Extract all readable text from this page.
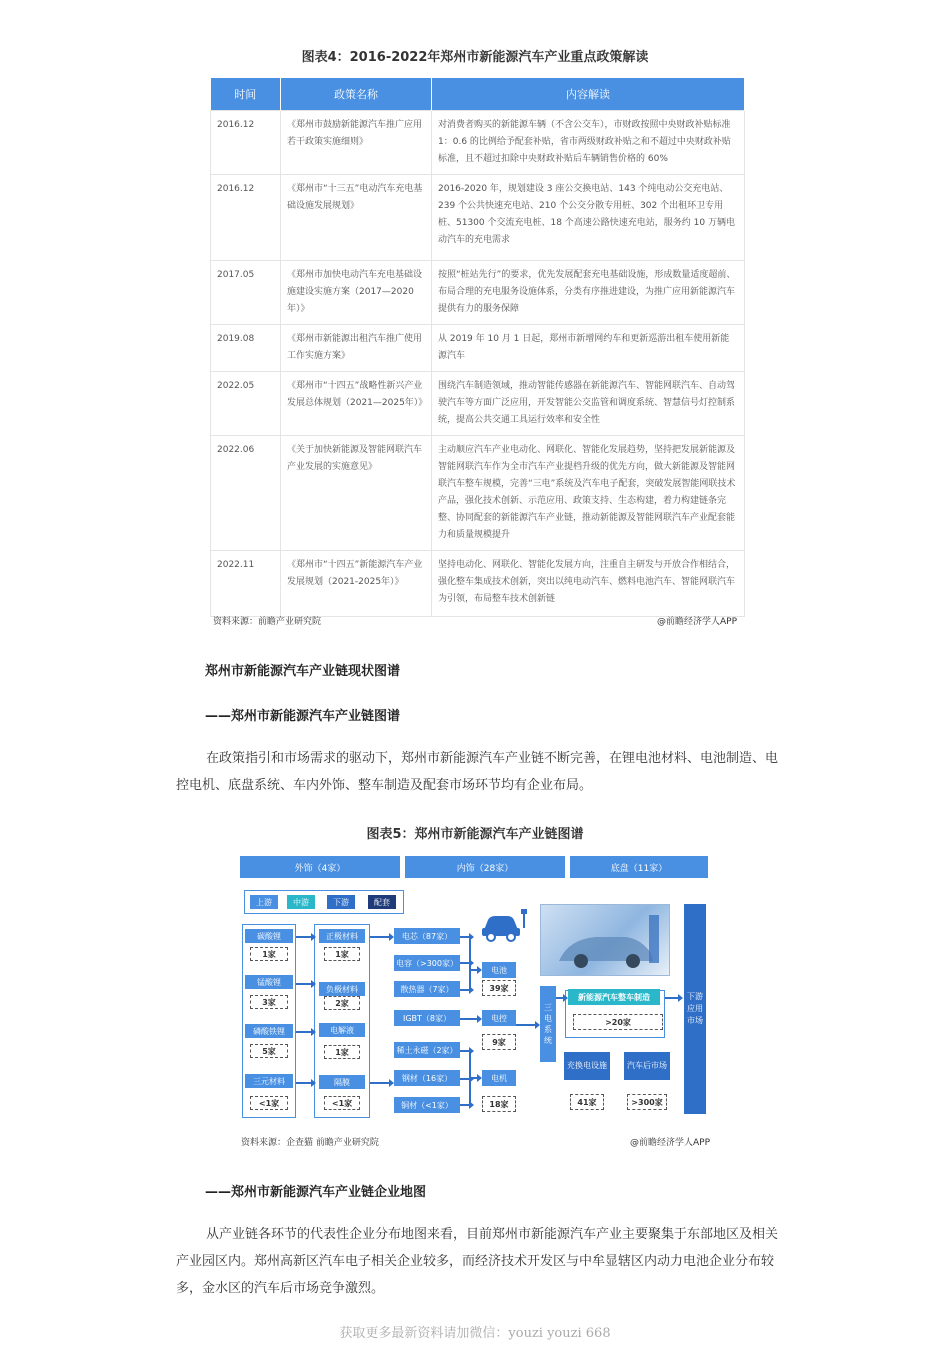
图表4：2016-2022年郑州市新能源汽车产业重点政策解读
时间	政策名称	内容解读
2016.12	《郑州市鼓励新能源汽车推广应用若干政策实施细则》	对消费者购买的新能源车辆（不含公交车），市财政按照中央财政补贴标准 1：0.6 的比例给予配套补贴，省市两级财政补贴之和不超过中央财政补贴标准，且不超过扣除中央财政补贴后车辆销售价格的 60%
2016.12	《郑州市“十三五”电动汽车充电基础设施发展规划》	2016-2020 年，规划建设 3 座公交换电站、143 个纯电动公交充电站、239 个公共快速充电站、210 个公交分散专用桩、302 个出租环卫专用桩、51300 个交流充电桩、18 个高速公路快速充电站，服务约 10 万辆电动汽车的充电需求
2017.05	《郑州市加快电动汽车充电基础设施建设实施方案（2017—2020年）》	按照“桩站先行”的要求，优先发展配套充电基础设施，形成数量适度超前、布局合理的充电服务设施体系，分类有序推进建设，为推广应用新能源汽车提供有力的服务保障
2019.08	《郑州市新能源出租汽车推广使用工作实施方案》	从 2019 年 10 月 1 日起，郑州市新增网约车和更新巡游出租车使用新能源汽车
2022.05	《郑州市“十四五”战略性新兴产业发展总体规划（2021—2025年）》	围绕汽车制造领域，推动智能传感器在新能源汽车、智能网联汽车、自动驾驶汽车等方面广泛应用，开发智能公交监管和调度系统、智慧信号灯控制系统，提高公共交通工具运行效率和安全性
2022.06	《关于加快新能源及智能网联汽车产业发展的实施意见》	主动顺应汽车产业电动化、网联化、智能化发展趋势，坚持把发展新能源及智能网联汽车作为全市汽车产业提档升级的优先方向，做大新能源及智能网联汽车整车规模，完善“三电”系统及汽车电子配套，突破发展智能网联技术产品，强化技术创新、示范应用、政策支持、生态构建，着力构建链条完整、协同配套的新能源汽车产业链，推动新能源及智能网联汽车产业配套能力和质量规模提升
2022.11	《郑州市“十四五”新能源汽车产业发展规划（2021-2025年）》	坚持电动化、网联化、智能化发展方向，注重自主研发与开放合作相结合，强化整车集成技术创新，突出以纯电动汽车、燃料电池汽车、智能网联汽车为引领，布局整车技术创新链
资料来源：前瞻产业研究院	@前瞻经济学人APP
郑州市新能源汽车产业链现状图谱
——郑州市新能源汽车产业链图谱
在政策指引和市场需求的驱动下，郑州市新能源汽车产业链不断完善，在锂电池材料、电池制造、电控电机、底盘系统、车内外饰、整车制造及配套市场环节均有企业布局。
图表5：郑州市新能源汽车产业链图谱
外饰（4家）	内饰（28家）	底盘（11家）
上游	中游	下游	配套
碳酸锂
1家
锰酸锂
3家
磷酸铁锂
5家
三元材料
<1家
正极材料
1家
负极材料
2家
电解液
1家
隔膜
<1家
电芯（87家）
电容（>300家）
散热器（7家）
IGBT（8家）
稀土永磁（2家）
钢材（16家）
铜材（<1家）
电池
39家
电控
9家
电机
18家
三电系统
新能源汽车整车制造
>20家
充换电设施
41家
汽车后市场
>300家
下游应用市场
资料来源：企查猫 前瞻产业研究院	@前瞻经济学人APP
——郑州市新能源汽车产业链企业地图
从产业链各环节的代表性企业分布地图来看，目前郑州市新能源汽车产业主要聚集于东部地区及相关产业园区内。郑州高新区汽车电子相关企业较多，而经济技术开发区与中牟显辖区内动力电池企业分布较多，金水区的汽车后市场竞争激烈。
获取更多最新资料请加微信：youzi youzi 668
